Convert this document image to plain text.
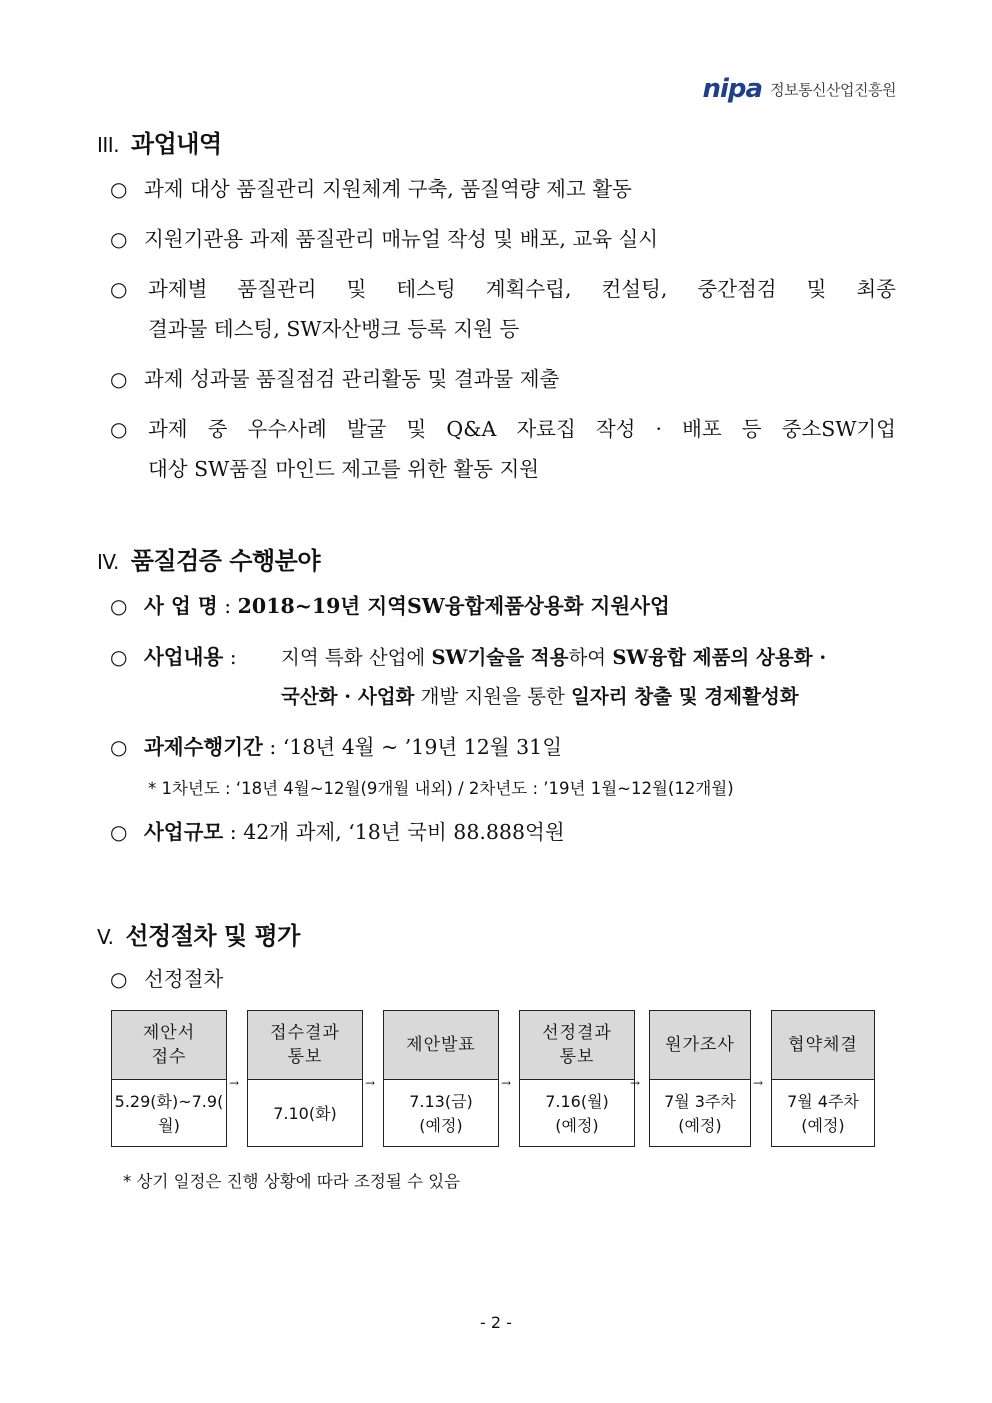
nipa 정보통신산업진흥원
III. 과업내역
○ 과제 대상 품질관리 지원체계 구축, 품질역량 제고 활동
○ 지원기관용 과제 품질관리 매뉴얼 작성 및 배포, 교육 실시
○	과제별 품질관리 및 테스팅 계획수립, 컨설팅, 중간점검 및 최종
결과물 테스팅, SW자산뱅크 등록 지원 등
○ 과제 성과물 품질점검 관리활동 및 결과물 제출
○	과제 중 우수사례 발굴 및 Q&A 자료집 작성 · 배포 등 중소SW기업
대상 SW품질 마인드 제고를 위한 활동 지원
IV. 품질검증 수행분야
○ 사 업 명 : 2018~19년 지역SW융합제품상용화 지원사업
○ 사업내용 : 지역 특화 산업에 SW기술을 적용하여 SW융합 제품의 상용화 ·
국산화 · 사업화 개발 지원을 통한 일자리 창출 및 경제활성화
○ 과제수행기간 : ‘18년 4월 ~ ’19년 12월 31일
* 1차년도 : ‘18년 4월~12월(9개월 내외) / 2차년도 : ’19년 1월~12월(12개월)
○ 사업규모 : 42개 과제, ‘18년 국비 88.888억원
V. 선정절차 및 평가
○ 선정절차
제안서
접수
5.29(화)~7.9(
월)
→
접수결과
통보
7.10(화)
→
제안발표
7.13(금)
(예정)
→
선정결과
통보
7.16(월)
(예정)
→
원가조사
7월 3주차
(예정)
→
협약체결
7월 4주차
(예정)
* 상기 일정은 진행 상황에 따라 조정될 수 있음
- 2 -
